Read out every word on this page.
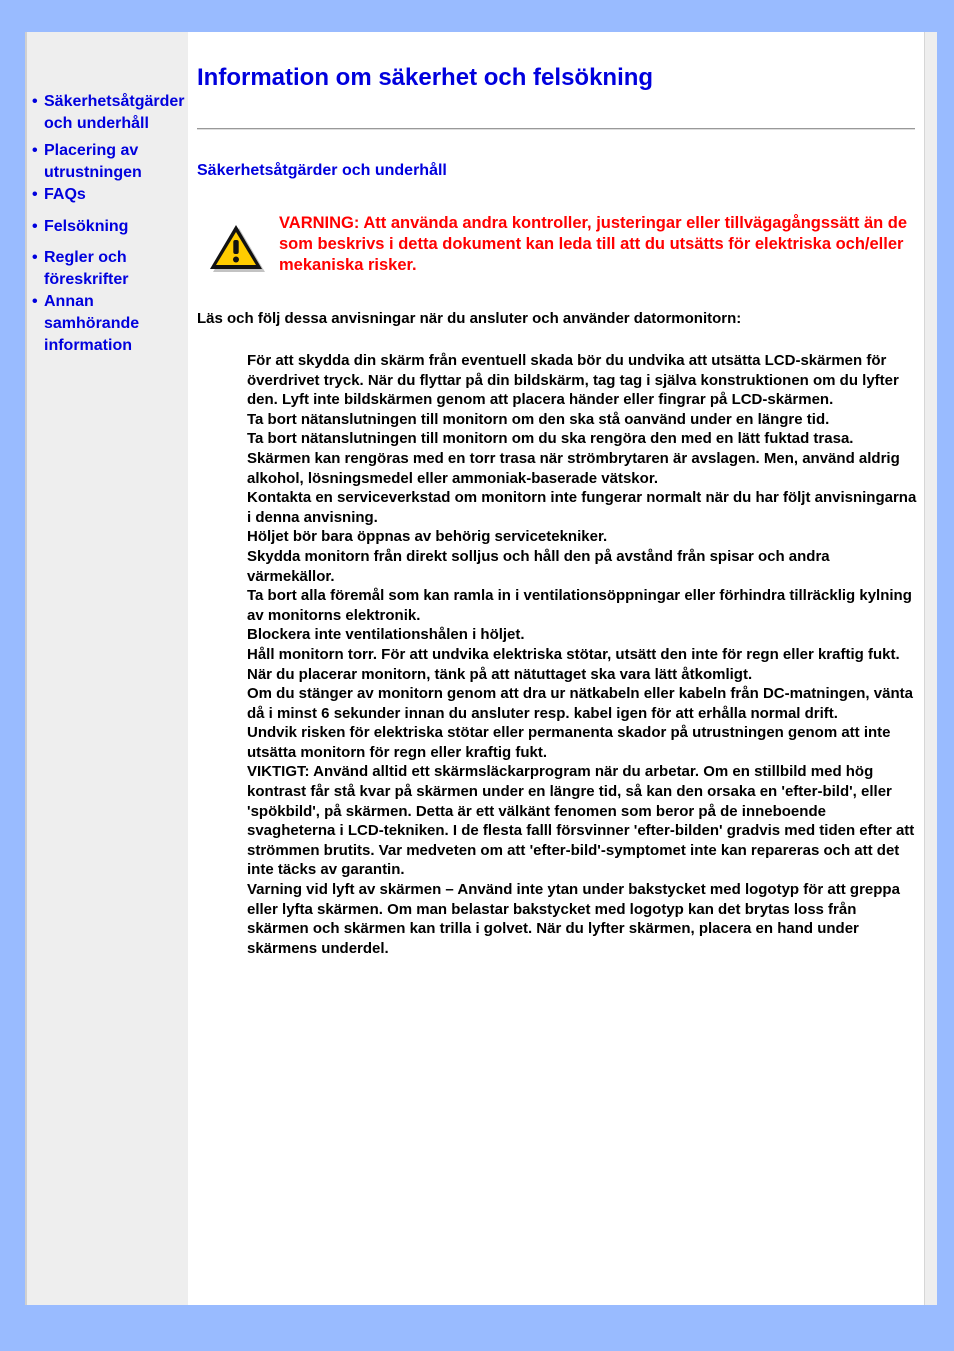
• Säkerhetsåtgärder och underhåll
• Placering av utrustningen
• FAQs
• Felsökning
• Regler och föreskrifter
• Annan samhörande information
Information om säkerhet och felsökning
Säkerhetsåtgärder och underhåll
VARNING: Att använda andra kontroller, justeringar eller tillvägagångssätt än de som beskrivs i detta dokument kan leda till att du utsätts för elektriska och/eller mekaniska risker.
Läs och följ dessa anvisningar när du ansluter och använder datormonitorn:
För att skydda din skärm från eventuell skada bör du undvika att utsätta LCD-skärmen för överdrivet tryck. När du flyttar på din bildskärm, tag tag i själva konstruktionen om du lyfter den. Lyft inte bildskärmen genom att placera händer eller fingrar på LCD-skärmen.
Ta bort nätanslutningen till monitorn om den ska stå oanvänd under en längre tid.
Ta bort nätanslutningen till monitorn om du ska rengöra den med en lätt fuktad trasa. Skärmen kan rengöras med en torr trasa när strömbrytaren är avslagen. Men, använd aldrig alkohol, lösningsmedel eller ammoniak-baserade vätskor.
Kontakta en serviceverkstad om monitorn inte fungerar normalt när du har följt anvisningarna i denna anvisning.
Höljet bör bara öppnas av behörig servicetekniker.
Skydda monitorn från direkt solljus och håll den på avstånd från spisar och andra värmekällor.
Ta bort alla föremål som kan ramla in i ventilationsöppningar eller förhindra tillräcklig kylning av monitorns elektronik.
Blockera inte ventilationshålen i höljet.
Håll monitorn torr. För att undvika elektriska stötar, utsätt den inte för regn eller kraftig fukt.
När du placerar monitorn, tänk på att nätuttaget ska vara lätt åtkomligt.
Om du stänger av monitorn genom att dra ur nätkabeln eller kabeln från DC-matningen, vänta då i minst 6 sekunder innan du ansluter resp. kabel igen för att erhålla normal drift.
Undvik risken för elektriska stötar eller permanenta skador på utrustningen genom att inte utsätta monitorn för regn eller kraftig fukt.
VIKTIGT: Använd alltid ett skärmsläckarprogram när du arbetar. Om en stillbild med hög kontrast får stå kvar på skärmen under en längre tid, så kan den orsaka en 'efter-bild', eller 'spökbild', på skärmen. Detta är ett välkänt fenomen som beror på de inneboende svagheterna i LCD-tekniken. I de flesta falll försvinner 'efter-bilden' gradvis med tiden efter att strömmen brutits. Var medveten om att 'efter-bild'-symptomet inte kan repareras och att det inte täcks av garantin.
Varning vid lyft av skärmen – Använd inte ytan under bakstycket med logotyp för att greppa eller lyfta skärmen. Om man belastar bakstycket med logotyp kan det brytas loss från skärmen och skärmen kan trilla i golvet. När du lyfter skärmen, placera en hand under skärmens underdel.
